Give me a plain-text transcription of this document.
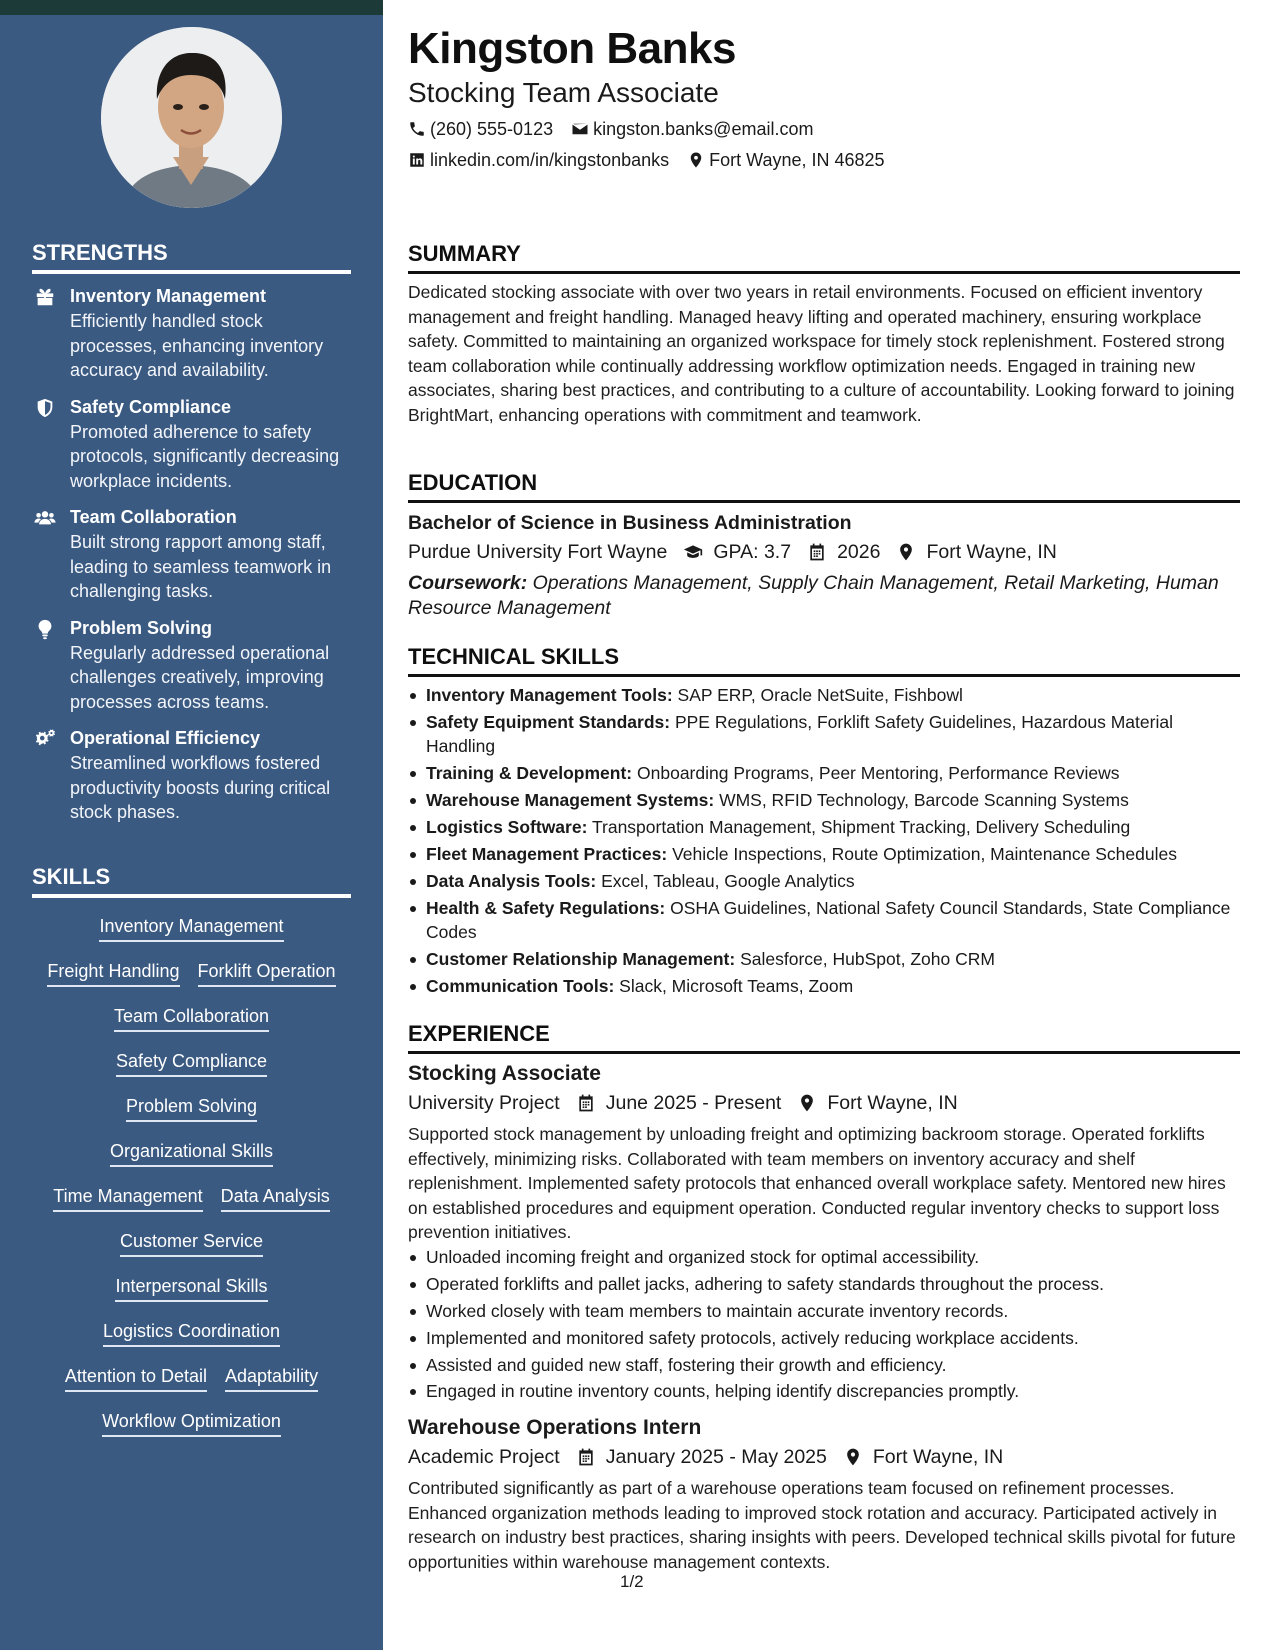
STRENGTHS
Inventory Management
Efficiently handled stock processes, enhancing inventory accuracy and availability.
Safety Compliance
Promoted adherence to safety protocols, significantly decreasing workplace incidents.
Team Collaboration
Built strong rapport among staff, leading to seamless teamwork in challenging tasks.
Problem Solving
Regularly addressed operational challenges creatively, improving processes across teams.
Operational Efficiency
Streamlined workflows fostered productivity boosts during critical stock phases.
SKILLS
Inventory Management
Freight Handling Forklift Operation
Team Collaboration
Safety Compliance
Problem Solving
Organizational Skills
Time Management Data Analysis
Customer Service
Interpersonal Skills
Logistics Coordination
Attention to Detail Adaptability
Workflow Optimization
Kingston Banks
Stocking Team Associate
(260) 555-0123 kingston.banks@email.com
linkedin.com/in/kingstonbanks Fort Wayne, IN 46825
SUMMARY
Dedicated stocking associate with over two years in retail environments. Focused on efficient inventory management and freight handling. Managed heavy lifting and operated machinery, ensuring workplace safety. Committed to maintaining an organized workspace for timely stock replenishment. Fostered strong team collaboration while continually addressing workflow optimization needs. Engaged in training new associates, sharing best practices, and contributing to a culture of accountability. Looking forward to joining BrightMart, enhancing operations with commitment and teamwork.
EDUCATION
Bachelor of Science in Business Administration
Purdue University Fort Wayne GPA: 3.7 2026 Fort Wayne, IN
Coursework: Operations Management, Supply Chain Management, Retail Marketing, Human Resource Management
TECHNICAL SKILLS
Inventory Management Tools: SAP ERP, Oracle NetSuite, Fishbowl
Safety Equipment Standards: PPE Regulations, Forklift Safety Guidelines, Hazardous Material Handling
Training & Development: Onboarding Programs, Peer Mentoring, Performance Reviews
Warehouse Management Systems: WMS, RFID Technology, Barcode Scanning Systems
Logistics Software: Transportation Management, Shipment Tracking, Delivery Scheduling
Fleet Management Practices: Vehicle Inspections, Route Optimization, Maintenance Schedules
Data Analysis Tools: Excel, Tableau, Google Analytics
Health & Safety Regulations: OSHA Guidelines, National Safety Council Standards, State Compliance Codes
Customer Relationship Management: Salesforce, HubSpot, Zoho CRM
Communication Tools: Slack, Microsoft Teams, Zoom
EXPERIENCE
Stocking Associate
University Project June 2025 - Present Fort Wayne, IN
Supported stock management by unloading freight and optimizing backroom storage. Operated forklifts effectively, minimizing risks. Collaborated with team members on inventory accuracy and shelf replenishment. Implemented safety protocols that enhanced overall workplace safety. Mentored new hires on established procedures and equipment operation. Conducted regular inventory checks to support loss prevention initiatives.
Unloaded incoming freight and organized stock for optimal accessibility.
Operated forklifts and pallet jacks, adhering to safety standards throughout the process.
Worked closely with team members to maintain accurate inventory records.
Implemented and monitored safety protocols, actively reducing workplace accidents.
Assisted and guided new staff, fostering their growth and efficiency.
Engaged in routine inventory counts, helping identify discrepancies promptly.
Warehouse Operations Intern
Academic Project January 2025 - May 2025 Fort Wayne, IN
Contributed significantly as part of a warehouse operations team focused on refinement processes. Enhanced organization methods leading to improved stock rotation and accuracy. Participated actively in research on industry best practices, sharing insights with peers. Developed technical skills pivotal for future opportunities within warehouse management contexts.
1/2
